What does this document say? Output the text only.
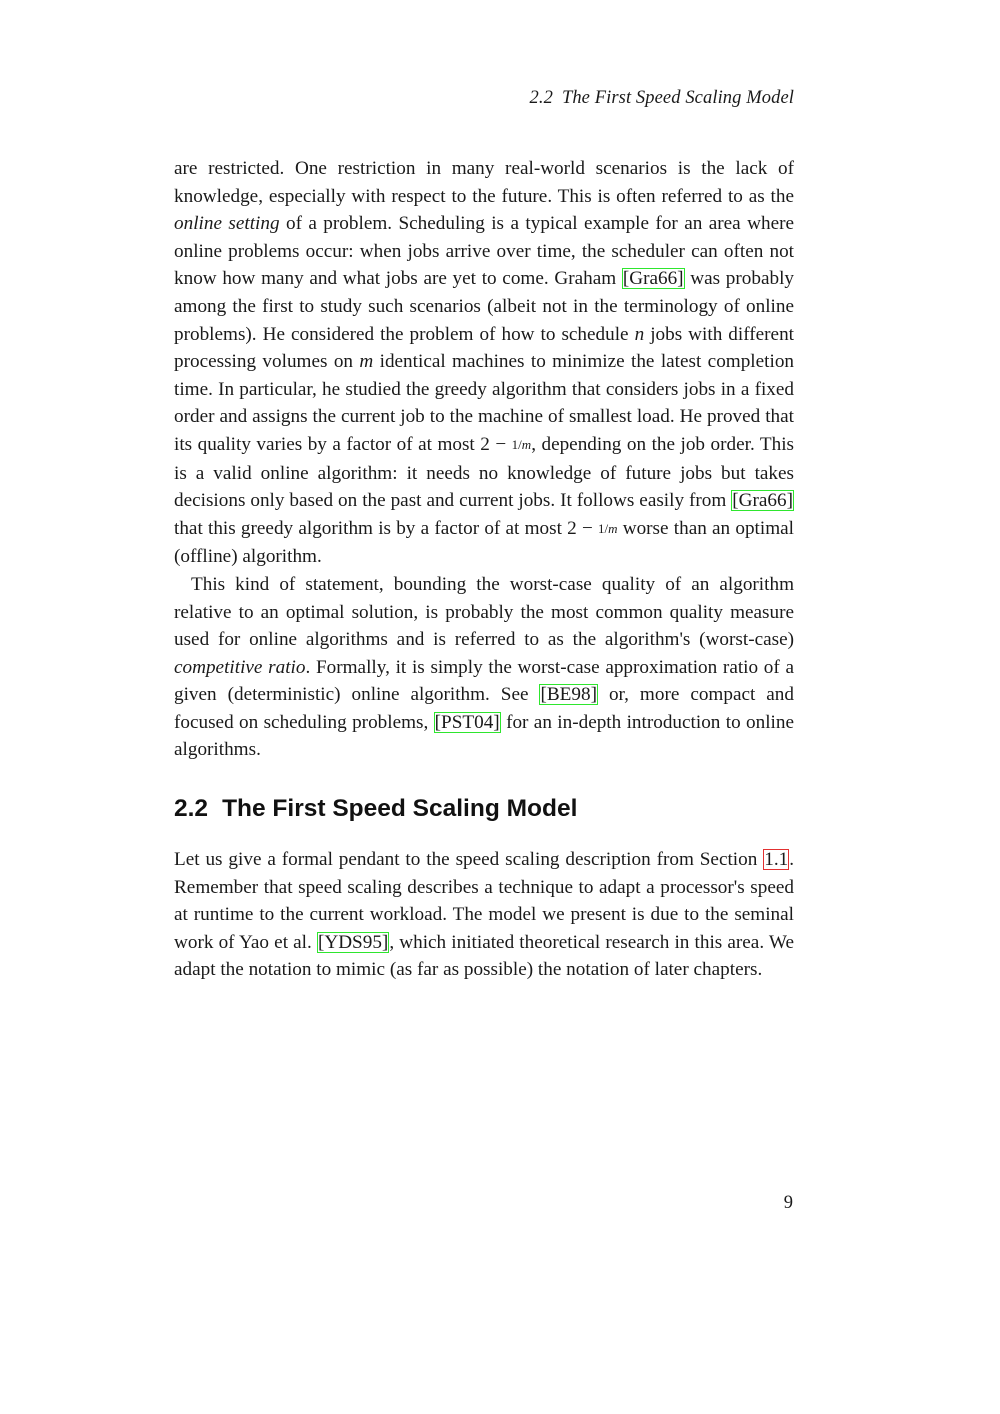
2.2 The First Speed Scaling Model

are restricted. One restriction in many real-world scenarios is the lack of knowledge, especially with respect to the future. This is often referred to as the online setting of a problem. Scheduling is a typical example for an area where online problems occur: when jobs arrive over time, the scheduler can often not know how many and what jobs are yet to come. Graham [Gra66] was probably among the first to study such scenarios (albeit not in the terminology of online problems). He considered the problem of how to schedule n jobs with different processing volumes on m identical machines to minimize the latest completion time. In particular, he studied the greedy algorithm that considers jobs in a fixed order and assigns the current job to the machine of smallest load. He proved that its quality varies by a factor of at most 2 − 1/m, depending on the job order. This is a valid online algorithm: it needs no knowledge of future jobs but takes decisions only based on the past and current jobs. It follows easily from [Gra66] that this greedy algorithm is by a factor of at most 2 − 1/m worse than an optimal (offline) algorithm.

This kind of statement, bounding the worst-case quality of an algorithm relative to an optimal solution, is probably the most common quality measure used for online algorithms and is referred to as the algorithm's (worst-case) competitive ratio. Formally, it is simply the worst-case approximation ratio of a given (deterministic) online algorithm. See [BE98] or, more compact and focused on scheduling problems, [PST04] for an in-depth introduction to online algorithms.

2.2 The First Speed Scaling Model

Let us give a formal pendant to the speed scaling description from Section 1.1. Remember that speed scaling describes a technique to adapt a processor's speed at runtime to the current workload. The model we present is due to the seminal work of Yao et al. [YDS95], which initiated theoretical research in this area. We adapt the notation to mimic (as far as possible) the notation of later chapters.

9
